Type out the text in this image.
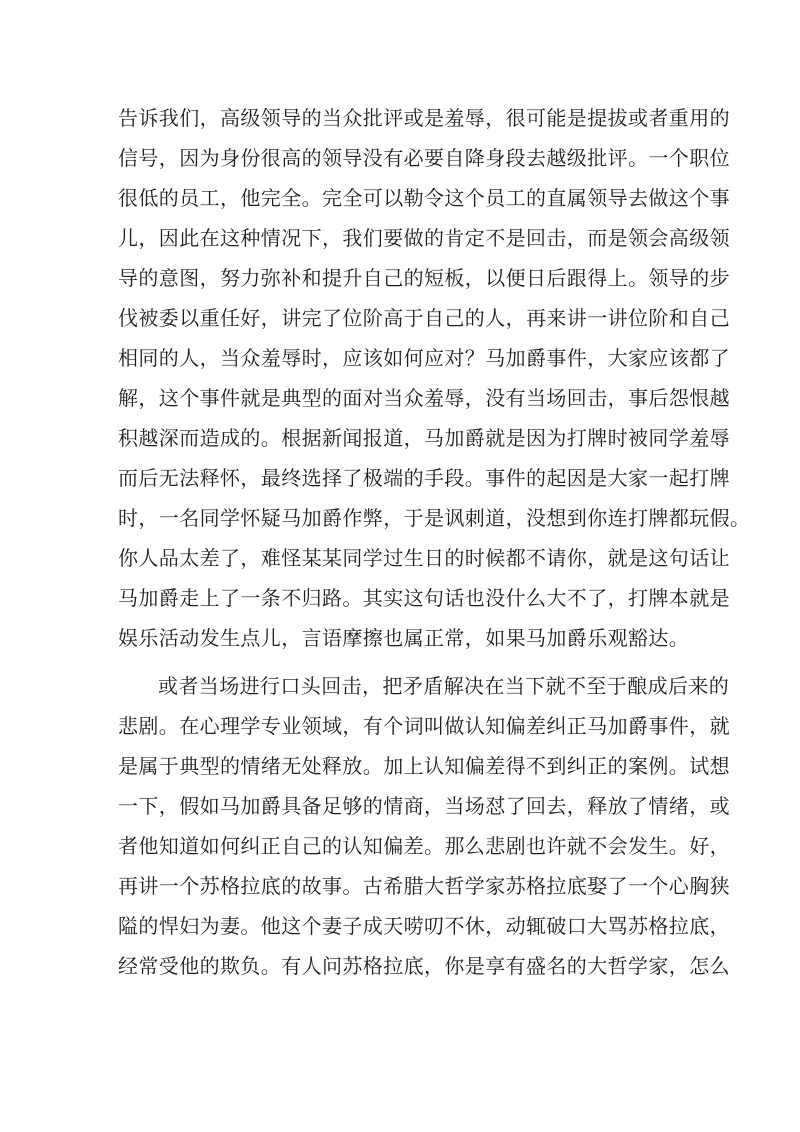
告诉我们，高级领导的当众批评或是羞辱，很可能是提拔或者重用的
信号，因为身份很高的领导没有必要自降身段去越级批评。一个职位
很低的员工，他完全。完全可以勒令这个员工的直属领导去做这个事
儿，因此在这种情况下，我们要做的肯定不是回击，而是领会高级领
导的意图，努力弥补和提升自己的短板，以便日后跟得上。领导的步
伐被委以重任好，讲完了位阶高于自己的人，再来讲一讲位阶和自己
相同的人，当众羞辱时，应该如何应对？马加爵事件，大家应该都了
解，这个事件就是典型的面对当众羞辱，没有当场回击，事后怨恨越
积越深而造成的。根据新闻报道，马加爵就是因为打牌时被同学羞辱
而后无法释怀，最终选择了极端的手段。事件的起因是大家一起打牌
时，一名同学怀疑马加爵作弊，于是讽刺道，没想到你连打牌都玩假。
你人品太差了，难怪某某同学过生日的时候都不请你，就是这句话让
马加爵走上了一条不归路。其实这句话也没什么大不了，打牌本就是
娱乐活动发生点儿，言语摩擦也属正常，如果马加爵乐观豁达。
或者当场进行口头回击，把矛盾解决在当下就不至于酿成后来的
悲剧。在心理学专业领域，有个词叫做认知偏差纠正马加爵事件，就
是属于典型的情绪无处释放。加上认知偏差得不到纠正的案例。试想
一下，假如马加爵具备足够的情商，当场怼了回去，释放了情绪，或
者他知道如何纠正自己的认知偏差。那么悲剧也许就不会发生。好，
再讲一个苏格拉底的故事。古希腊大哲学家苏格拉底娶了一个心胸狭
隘的悍妇为妻。他这个妻子成天唠叨不休，动辄破口大骂苏格拉底，
经常受他的欺负。有人问苏格拉底，你是享有盛名的大哲学家，怎么
